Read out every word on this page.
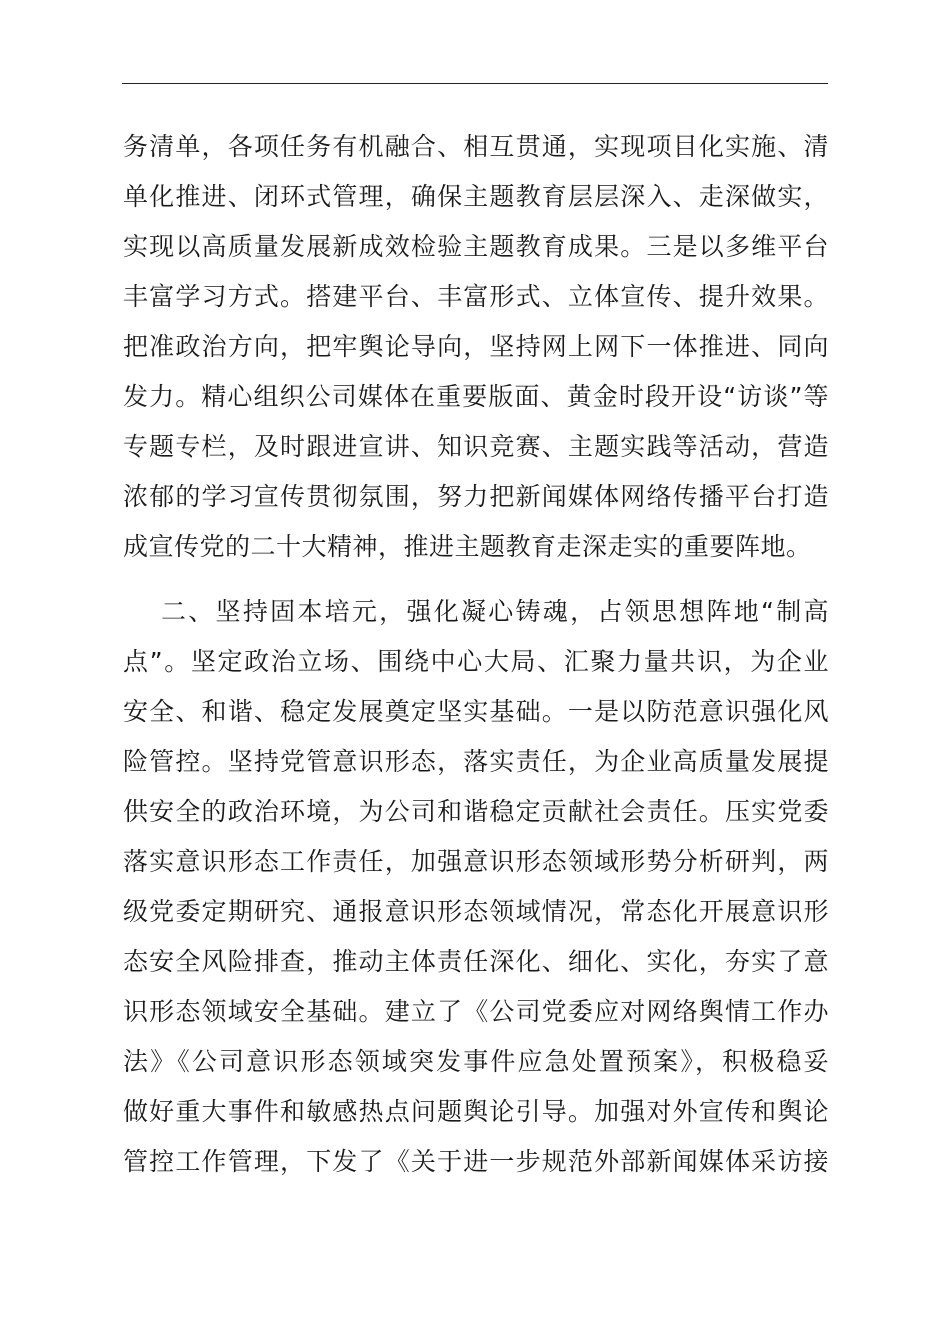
务清单，各项任务有机融合、相互贯通，实现项目化实施、清
单化推进、闭环式管理，确保主题教育层层深入、走深做实，
实现以高质量发展新成效检验主题教育成果。三是以多维平台
丰富学习方式。搭建平台、丰富形式、立体宣传、提升效果。
把准政治方向，把牢舆论导向，坚持网上网下一体推进、同向
发力。精心组织公司媒体在重要版面、黄金时段开设“访谈”等
专题专栏，及时跟进宣讲、知识竞赛、主题实践等活动，营造
浓郁的学习宣传贯彻氛围，努力把新闻媒体网络传播平台打造
成宣传党的二十大精神，推进主题教育走深走实的重要阵地。
二、坚持固本培元，强化凝心铸魂，占领思想阵地“制高
点”。坚定政治立场、围绕中心大局、汇聚力量共识，为企业
安全、和谐、稳定发展奠定坚实基础。一是以防范意识强化风
险管控。坚持党管意识形态，落实责任，为企业高质量发展提
供安全的政治环境，为公司和谐稳定贡献社会责任。压实党委
落实意识形态工作责任，加强意识形态领域形势分析研判，两
级党委定期研究、通报意识形态领域情况，常态化开展意识形
态安全风险排查，推动主体责任深化、细化、实化，夯实了意
识形态领域安全基础。建立了《公司党委应对网络舆情工作办
法》《公司意识形态领域突发事件应急处置预案》，积极稳妥
做好重大事件和敏感热点问题舆论引导。加强对外宣传和舆论
管控工作管理，下发了《关于进一步规范外部新闻媒体采访接
